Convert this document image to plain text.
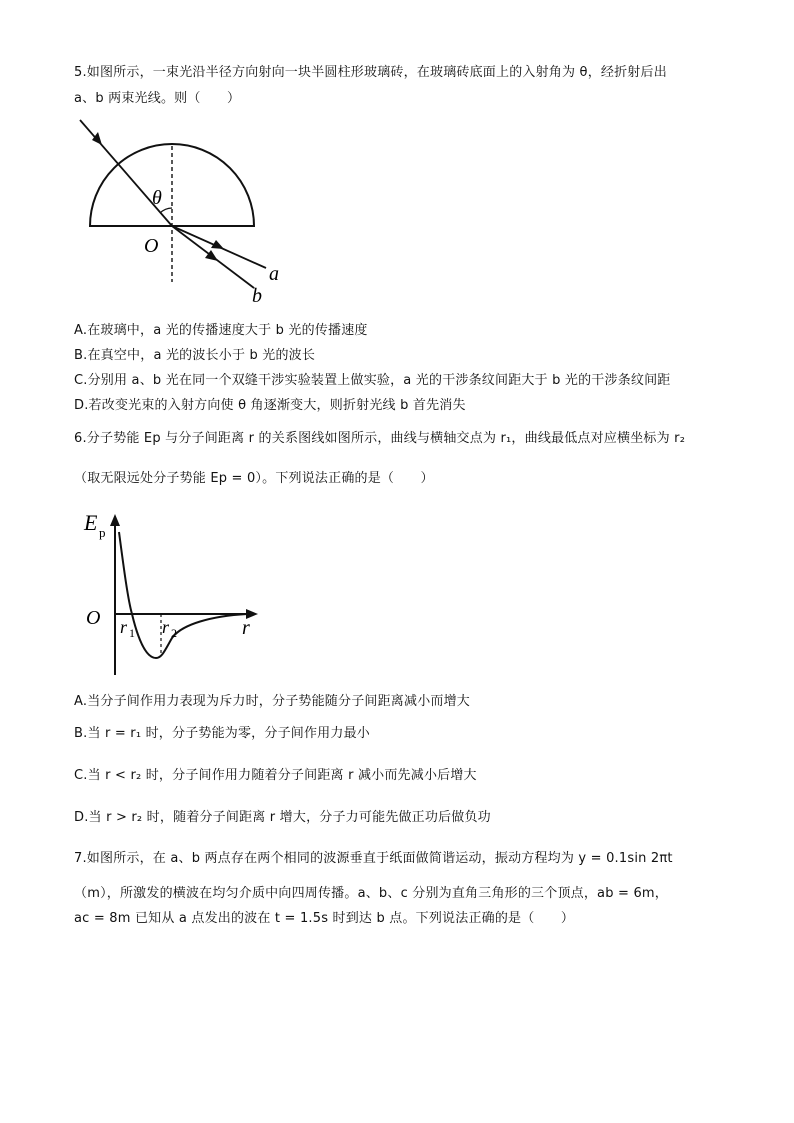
5.如图所示，一束光沿半径方向射向一块半圆柱形玻璃砖，在玻璃砖底面上的入射角为 θ，经折射后出
a、b 两束光线。则（　　）
θ
O
a
b
A.在玻璃中，a 光的传播速度大于 b 光的传播速度
B.在真空中，a 光的波长小于 b 光的波长
C.分别用 a、b 光在同一个双缝干涉实验装置上做实验，a 光的干涉条纹间距大于 b 光的干涉条纹间距
D.若改变光束的入射方向使 θ 角逐渐变大，则折射光线 b 首先消失
6.分子势能 Ep 与分子间距离 r 的关系图线如图所示，曲线与横轴交点为 r₁，曲线最低点对应横坐标为 r₂
（取无限远处分子势能 Ep = 0）。下列说法正确的是（　　）
E p
O	r
r 1 r 2
A.当分子间作用力表现为斥力时，分子势能随分子间距离减小而增大
B.当 r = r₁ 时，分子势能为零，分子间作用力最小
C.当 r < r₂ 时，分子间作用力随着分子间距离 r 减小而先减小后增大
D.当 r > r₂ 时，随着分子间距离 r 增大，分子力可能先做正功后做负功
7.如图所示，在 a、b 两点存在两个相同的波源垂直于纸面做简谐运动，振动方程均为 y = 0.1sin 2πt
（m），所激发的横波在均匀介质中向四周传播。a、b、c 分别为直角三角形的三个顶点，ab = 6m，
ac = 8m 已知从 a 点发出的波在 t = 1.5s 时到达 b 点。下列说法正确的是（　　）
